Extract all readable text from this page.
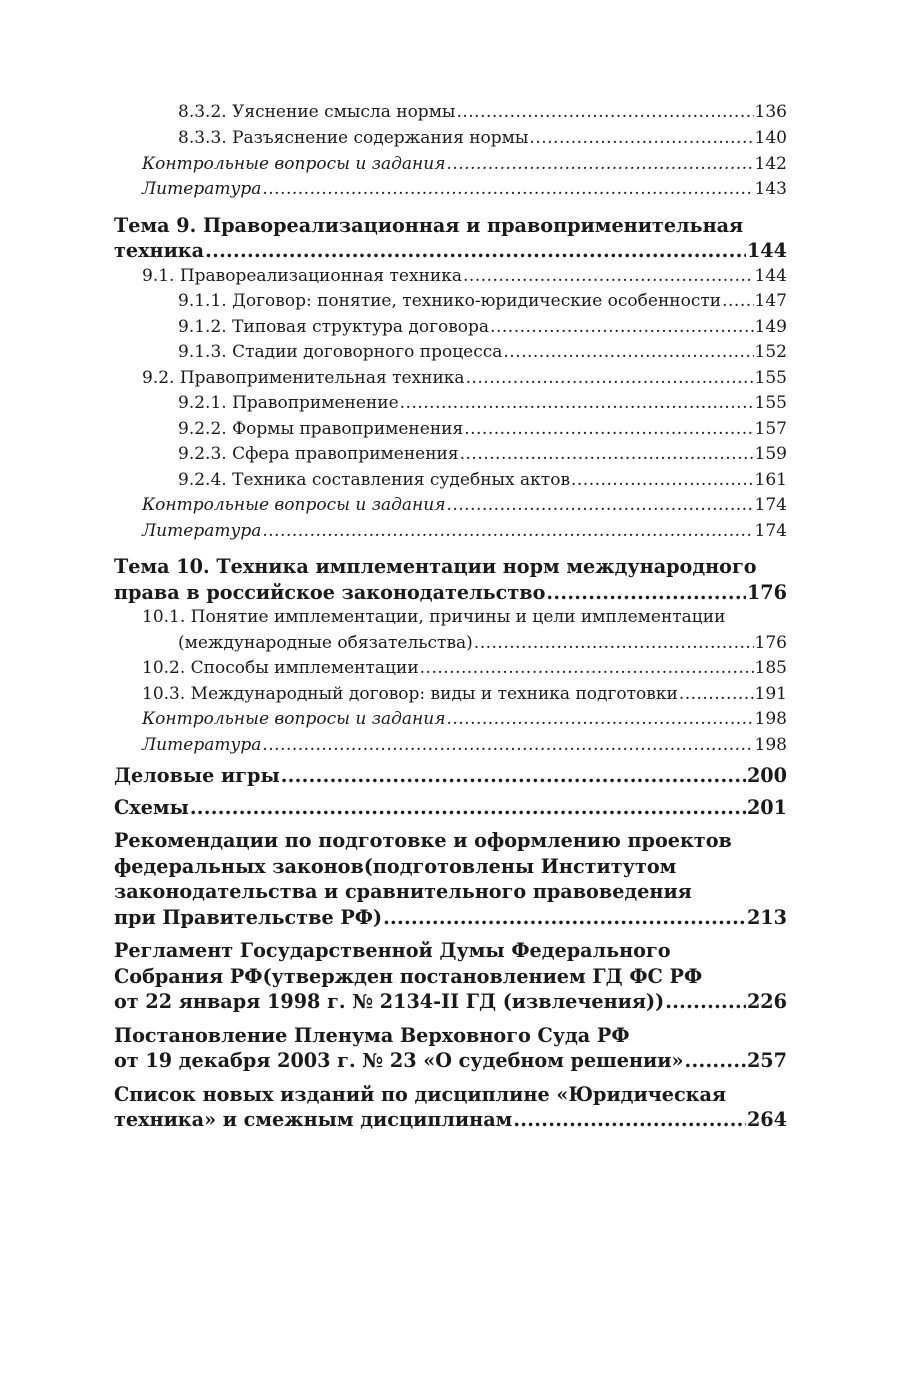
8.3.2. Уяснение смысла нормы .....	136
8.3.3. Разъяснение содержания нормы .....	140
Контрольные вопросы и задания .....	142
Литература .....	143
Тема 9. Правореализационная и правоприменительная
техника .....	144
9.1. Правореализационная техника .....	144
9.1.1. Договор: понятие, технико-юридические особенности ..... 147
9.1.2. Типовая структура договора .....	149
9.1.3. Стадии договорного процесса .....	152
9.2. Правоприменительная техника .....	155
9.2.1. Правоприменение .....	155
9.2.2. Формы правоприменения .....	157
9.2.3. Сфера правоприменения .....	159
9.2.4. Техника составления судебных актов .....	161
Контрольные вопросы и задания .....	174
Литература .....	174
Тема 10. Техника имплементации норм международного
права в российское законодательство .....	176
10.1. Понятие имплементации, причины и цели имплементации
(международные обязательства) .....	176
10.2. Способы имплементации .....	185
10.3. Международный договор: виды и техника подготовки .....	191
Контрольные вопросы и задания .....	198
Литература .....	198
Деловые игры .....	200
Схемы .....	201
Рекомендации по подготовке и оформлению проектов
федеральных законов(подготовлены Институтом
законодательства и сравнительного правоведения
при Правительстве РФ) .....	213
Регламент Государственной Думы Федерального
Собрания РФ(утвержден постановлением ГД ФС РФ
от 22 января 1998 г. № 2134-II ГД (извлечения)) .....	226
Постановление Пленума Верховного Суда РФ
от 19 декабря 2003 г. № 23 «О судебном решении» .....	257
Список новых изданий по дисциплине «Юридическая
техника» и смежным дисциплинам .....	264
